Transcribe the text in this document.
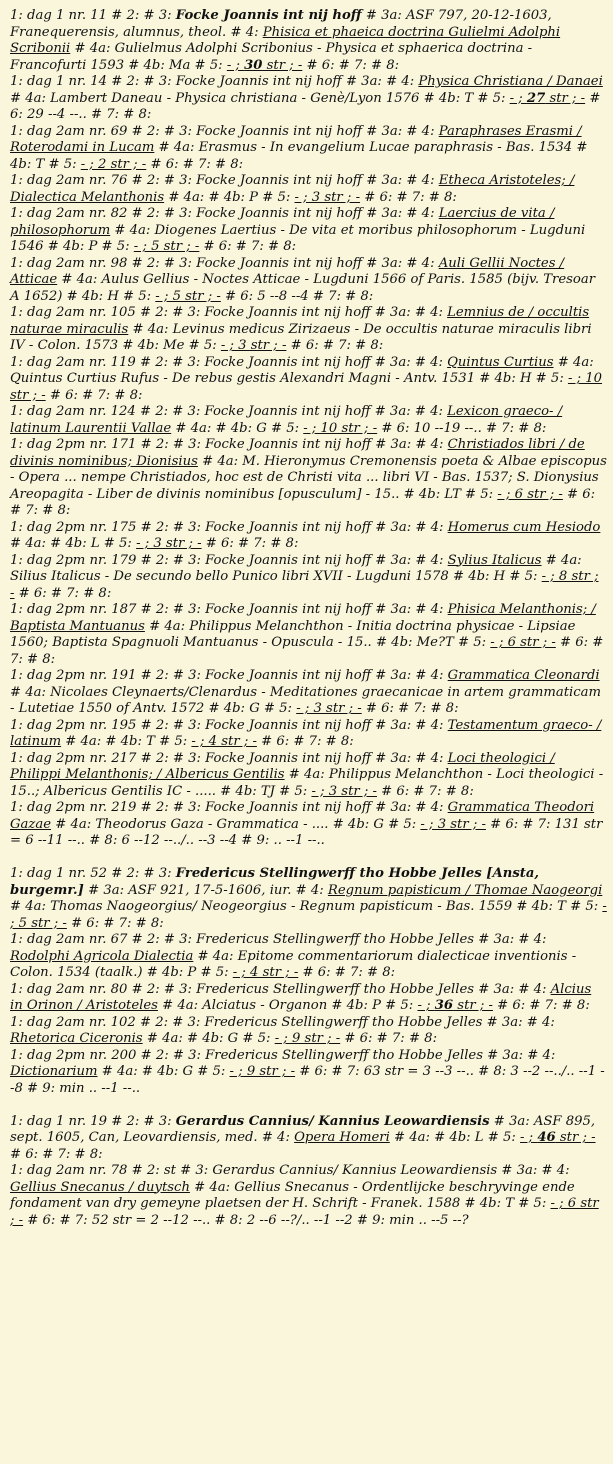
1: dag 1 nr. 11 # 2: # 3: Focke Joannis int nij hoff # 3a: ASF 797, 20-12-1603, Franequerensis, alumnus, theol. # 4: Phisica et phaeica doctrina Gulielmi Adolphi Scribonii # 4a: Gulielmus Adolphi Scribonius - Physica et sphaerica doctrina - Francofurti 1593 # 4b: Ma # 5: - ; 30 str ; - # 6: # 7: # 8:

1: dag 1 nr. 14 # 2: # 3: Focke Joannis int nij hoff # 3a: # 4: Physica Christiana / Danaei # 4a: Lambert Daneau - Physica christiana - Genè/Lyon 1576 # 4b: T # 5: - ; 27 str ; - # 6: 29 --4 --.. # 7: # 8:

1: dag 2am nr. 69 # 2: # 3: Focke Joannis int nij hoff # 3a: # 4: Paraphrases Erasmi / Roterodami in Lucam # 4a: Erasmus - In evangelium Lucae paraphrasis - Bas. 1534 # 4b: T # 5: - ; 2 str ; - # 6: # 7: # 8:

1: dag 2am nr. 76 # 2: # 3: Focke Joannis int nij hoff # 3a: # 4: Etheca Aristoteles; / Dialectica Melanthonis # 4a: # 4b: P # 5: - ; 3 str ; - # 6: # 7: # 8:

1: dag 2am nr. 82 # 2: # 3: Focke Joannis int nij hoff # 3a: # 4: Laercius de vita / philosophorum # 4a: Diogenes Laertius - De vita et moribus philosophorum - Lugduni 1546 # 4b: P # 5: - ; 5 str ; - # 6: # 7: # 8:

1: dag 2am nr. 98 # 2: # 3: Focke Joannis int nij hoff # 3a: # 4: Auli Gellii Noctes / Atticae # 4a: Aulus Gellius - Noctes Atticae - Lugduni 1566 of Paris. 1585 (bijv. Tresoar A 1652) # 4b: H # 5: - ; 5 str ; - # 6: 5 --8 --4 # 7: # 8:

1: dag 2am nr. 105 # 2: # 3: Focke Joannis int nij hoff # 3a: # 4: Lemnius de / occultis naturae miraculis # 4a: Levinus medicus Zirizaeus - De occultis naturae miraculis libri IV - Colon. 1573 # 4b: Me # 5: - ; 3 str ; - # 6: # 7: # 8:

1: dag 2am nr. 119 # 2: # 3: Focke Joannis int nij hoff # 3a: # 4: Quintus Curtius # 4a: Quintus Curtius Rufus - De rebus gestis Alexandri Magni - Antv. 1531 # 4b: H # 5: - ; 10 str ; - # 6: # 7: # 8:

1: dag 2am nr. 124 # 2: # 3: Focke Joannis int nij hoff # 3a: # 4: Lexicon graeco- / latinum Laurentii Vallae # 4a: # 4b: G # 5: - ; 10 str ; - # 6: 10 --19 --.. # 7: # 8:

1: dag 2pm nr. 171 # 2: # 3: Focke Joannis int nij hoff # 3a: # 4: Christiados libri / de divinis nominibus; Dionisius # 4a: M. Hieronymus Cremonensis poeta & Albae episcopus - Opera ... nempe Christiados, hoc est de Christi vita ... libri VI - Bas. 1537; S. Dionysius Areopagita - Liber de divinis nominibus [opusculum] - 15.. # 4b: LT # 5: - ; 6 str ; - # 6: # 7: # 8:

1: dag 2pm nr. 175 # 2: # 3: Focke Joannis int nij hoff # 3a: # 4: Homerus cum Hesiodo # 4a: # 4b: L # 5: - ; 3 str ; - # 6: # 7: # 8:

1: dag 2pm nr. 179 # 2: # 3: Focke Joannis int nij hoff # 3a: # 4: Sylius Italicus # 4a: Silius Italicus - De secundo bello Punico libri XVII - Lugduni 1578 # 4b: H # 5: - ; 8 str ; - # 6: # 7: # 8:

1: dag 2pm nr. 187 # 2: # 3: Focke Joannis int nij hoff # 3a: # 4: Phisica Melanthonis; / Baptista Mantuanus # 4a: Philippus Melanchthon - Initia doctrina physicae - Lipsiae 1560; Baptista Spagnuoli Mantuanus - Opuscula - 15.. # 4b: Me?T # 5: - ; 6 str ; - # 6: # 7: # 8:

1: dag 2pm nr. 191 # 2: # 3: Focke Joannis int nij hoff # 3a: # 4: Grammatica Cleonardi # 4a: Nicolaes Cleynaerts/Clenardus - Meditationes graecanicae in artem grammaticam - Lutetiae 1550 of Antv. 1572 # 4b: G # 5: - ; 3 str ; - # 6: # 7: # 8:

1: dag 2pm nr. 195 # 2: # 3: Focke Joannis int nij hoff # 3a: # 4: Testamentum graeco- / latinum # 4a: # 4b: T # 5: - ; 4 str ; - # 6: # 7: # 8:

1: dag 2pm nr. 217 # 2: # 3: Focke Joannis int nij hoff # 3a: # 4: Loci theologici / Philippi Melanthonis; / Albericus Gentilis # 4a: Philippus Melanchthon - Loci theologici - 15..; Albericus Gentilis IC - ..... # 4b: TJ # 5: - ; 3 str ; - # 6: # 7: # 8:

1: dag 2pm nr. 219 # 2: # 3: Focke Joannis int nij hoff # 3a: # 4: Grammatica Theodori Gazae # 4a: Theodorus Gaza - Grammatica - .... # 4b: G # 5: - ; 3 str ; - # 6: # 7: 131 str = 6 --11 --.. # 8: 6 --12 --../.. --3 --4 # 9: .. --1 --..

1: dag 1 nr. 52 # 2: # 3: Fredericus Stellingwerff tho Hobbe Jelles [Ansta, burgemr.] # 3a: ASF 921, 17-5-1606, iur. # 4: Regnum papisticum / Thomae Naogeorgi # 4a: Thomas Naogeorgius/ Neogeorgius - Regnum papisticum - Bas. 1559 # 4b: T # 5: - ; 5 str ; - # 6: # 7: # 8:

1: dag 2am nr. 67 # 2: # 3: Fredericus Stellingwerff tho Hobbe Jelles # 3a: # 4: Rodolphi Agricola Dialectia # 4a: Epitome commentariorum dialecticae inventionis - Colon. 1534 (taalk.) # 4b: P # 5: - ; 4 str ; - # 6: # 7: # 8:

1: dag 2am nr. 80 # 2: # 3: Fredericus Stellingwerff tho Hobbe Jelles # 3a: # 4: Alcius in Orinon / Aristoteles # 4a: Alciatus - Organon # 4b: P # 5: - ; 36 str ; - # 6: # 7: # 8:

1: dag 2am nr. 102 # 2: # 3: Fredericus Stellingwerff tho Hobbe Jelles # 3a: # 4: Rhetorica Ciceronis # 4a: # 4b: G # 5: - ; 9 str ; - # 6: # 7: # 8:

1: dag 2pm nr. 200 # 2: # 3: Fredericus Stellingwerff tho Hobbe Jelles # 3a: # 4: Dictionarium # 4a: # 4b: G # 5: - ; 9 str ; - # 6: # 7: 63 str = 3 --3 --.. # 8: 3 --2 --../.. --1 --8 # 9: min .. --1 --..

1: dag 1 nr. 19 # 2: # 3: Gerardus Cannius/ Kannius Leowardiensis # 3a: ASF 895, sept. 1605, Can, Leovardiensis, med. # 4: Opera Homeri # 4a: # 4b: L # 5: - ; 46 str ; - # 6: # 7: # 8:

1: dag 2am nr. 78 # 2: st # 3: Gerardus Cannius/ Kannius Leowardiensis # 3a: # 4: Gellius Snecanus / duytsch # 4a: Gellius Snecanus - Ordentlijcke beschryvinge ende fondament van dry gemeyne plaetsen der H. Schrift - Franek. 1588 # 4b: T # 5: - ; 6 str ; - # 6: # 7: 52 str = 2 --12 --.. # 8: 2 --6 --?/.. --1 --2 # 9: min .. --5 --?
